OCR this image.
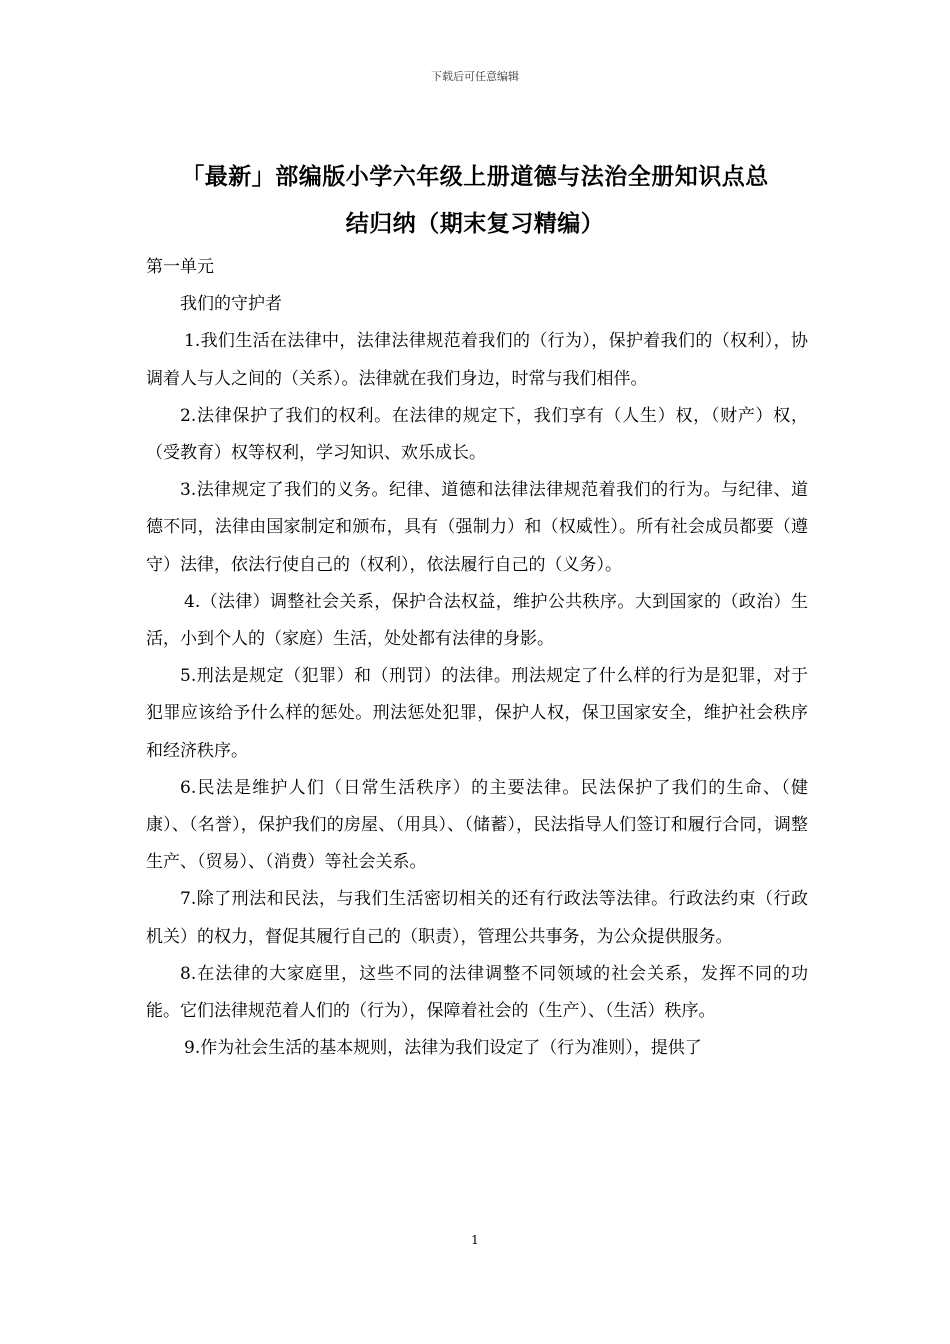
下载后可任意编辑
「最新」部编版小学六年级上册道德与法治全册知识点总
结归纳（期末复习精编）

第一单元

我们的守护者

1.我们生活在法律中，法律法律规范着我们的（行为），保护着我们的（权利），协调着人与人之间的（关系）。法律就在我们身边，时常与我们相伴。

2.法律保护了我们的权利。在法律的规定下，我们享有（人生）权，（财产）权，（受教育）权等权利，学习知识、欢乐成长。

3.法律规定了我们的义务。纪律、道德和法律法律规范着我们的行为。与纪律、道德不同，法律由国家制定和颁布，具有（强制力）和（权威性）。所有社会成员都要（遵守）法律，依法行使自己的（权利），依法履行自己的（义务）。

4.（法律）调整社会关系，保护合法权益，维护公共秩序。大到国家的（政治）生活，小到个人的（家庭）生活，处处都有法律的身影。

5.刑法是规定（犯罪）和（刑罚）的法律。刑法规定了什么样的行为是犯罪，对于犯罪应该给予什么样的惩处。刑法惩处犯罪，保护人权，保卫国家安全，维护社会秩序和经济秩序。

6.民法是维护人们（日常生活秩序）的主要法律。民法保护了我们的生命、（健康）、（名誉），保护我们的房屋、（用具）、（储蓄），民法指导人们签订和履行合同，调整生产、（贸易）、（消费）等社会关系。

7.除了刑法和民法，与我们生活密切相关的还有行政法等法律。行政法约束（行政机关）的权力，督促其履行自己的（职责），管理公共事务，为公众提供服务。

8.在法律的大家庭里，这些不同的法律调整不同领域的社会关系，发挥不同的功能。它们法律规范着人们的（行为），保障着社会的（生产）、（生活）秩序。

9.作为社会生活的基本规则，法律为我们设定了（行为准则），提供了

1
